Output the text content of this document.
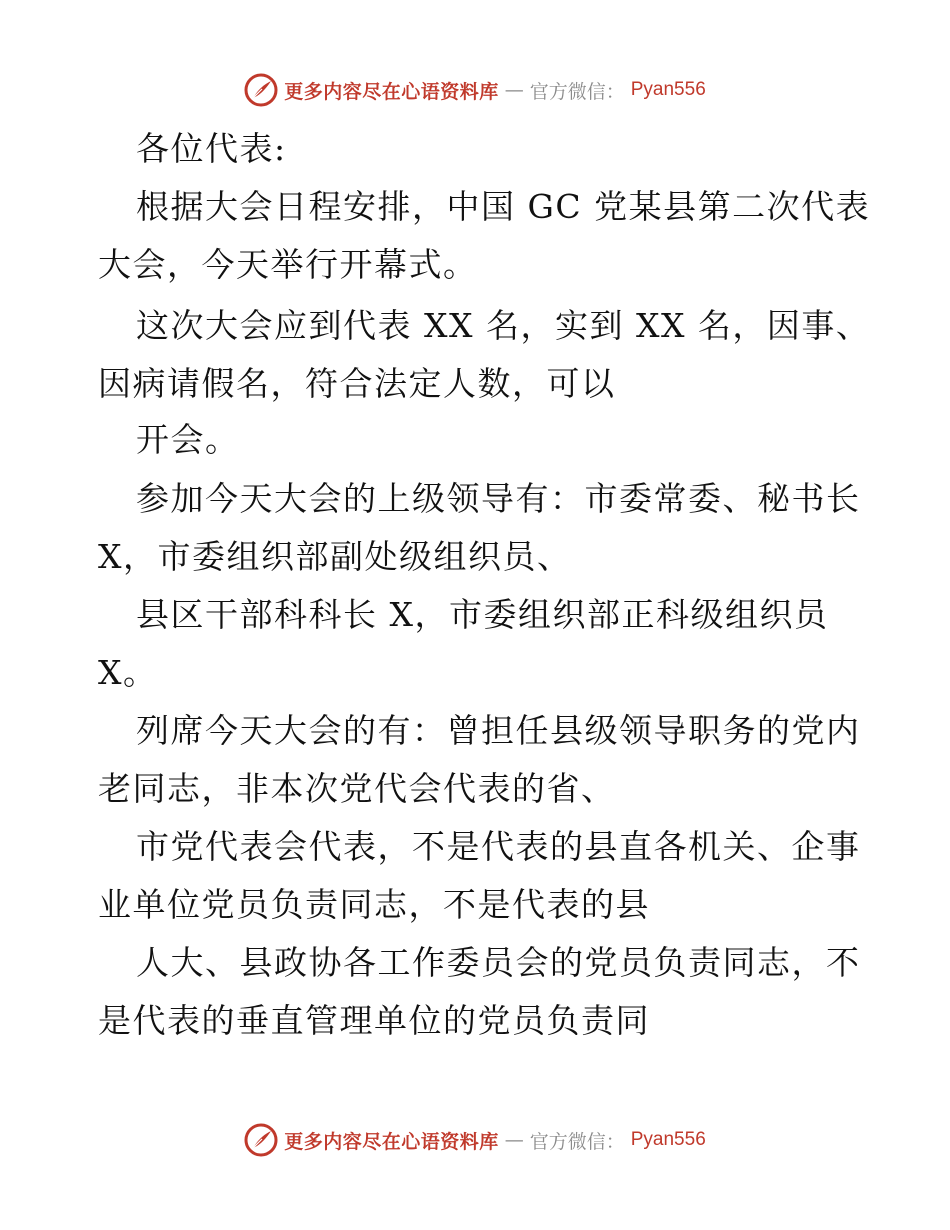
更多内容尽在心语资料库 — 官方微信： Pyan556
各位代表:
根据大会日程安排，中国 GC 党某县第二次代表
大会，今天举行开幕式。
这次大会应到代表 XX 名，实到 XX 名，因事、
因病请假名，符合法定人数，可以
开会。
参加今天大会的上级领导有：市委常委、秘书长
X，市委组织部副处级组织员、
县区干部科科长 X，市委组织部正科级组织员
X。
列席今天大会的有：曾担任县级领导职务的党内
老同志，非本次党代会代表的省、
市党代表会代表，不是代表的县直各机关、企事
业单位党员负责同志，不是代表的县
人大、县政协各工作委员会的党员负责同志，不
是代表的垂直管理单位的党员负责同
更多内容尽在心语资料库 — 官方微信： Pyan556
